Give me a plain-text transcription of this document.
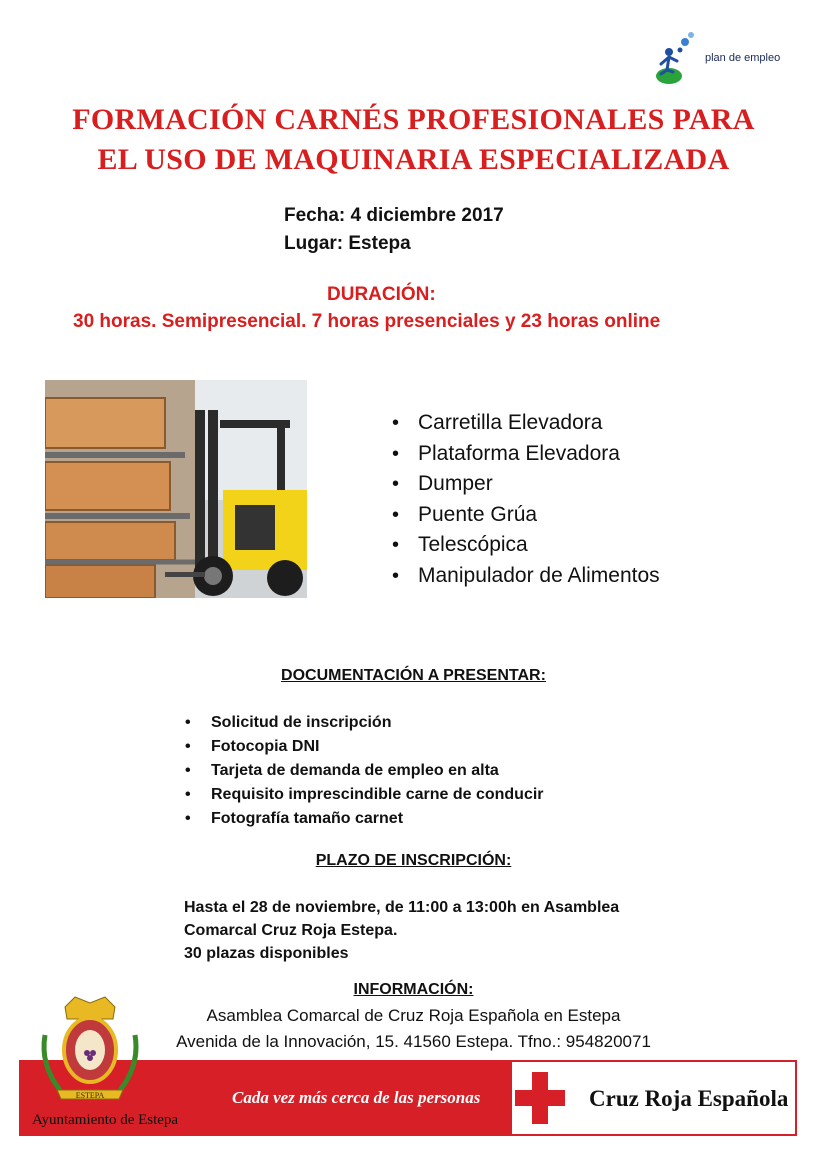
plan de empleo
FORMACIÓN CARNÉS PROFESIONALES PARA
EL USO DE MAQUINARIA ESPECIALIZADA
Fecha: 4 diciembre 2017
Lugar: Estepa
DURACIÓN:
30 horas. Semipresencial. 7 horas presenciales y 23 horas online
• Carretilla Elevadora
• Plataforma Elevadora
• Dumper
• Puente Grúa
• Telescópica
• Manipulador de Alimentos
DOCUMENTACIÓN A PRESENTAR:
• Solicitud de inscripción
• Fotocopia DNI
• Tarjeta de demanda de empleo en alta
• Requisito imprescindible carne de conducir
• Fotografía tamaño carnet
PLAZO DE INSCRIPCIÓN:
Hasta el 28 de noviembre, de 11:00 a 13:00h en Asamblea
Comarcal Cruz Roja Estepa.
30 plazas disponibles
INFORMACIÓN:
Asamblea Comarcal de Cruz Roja Española en Estepa
Avenida de la Innovación, 15. 41560 Estepa. Tfno.: 954820071
Cada vez más cerca de las personas	Cruz Roja Española
ESTEPA
Ayuntamiento de Estepa
